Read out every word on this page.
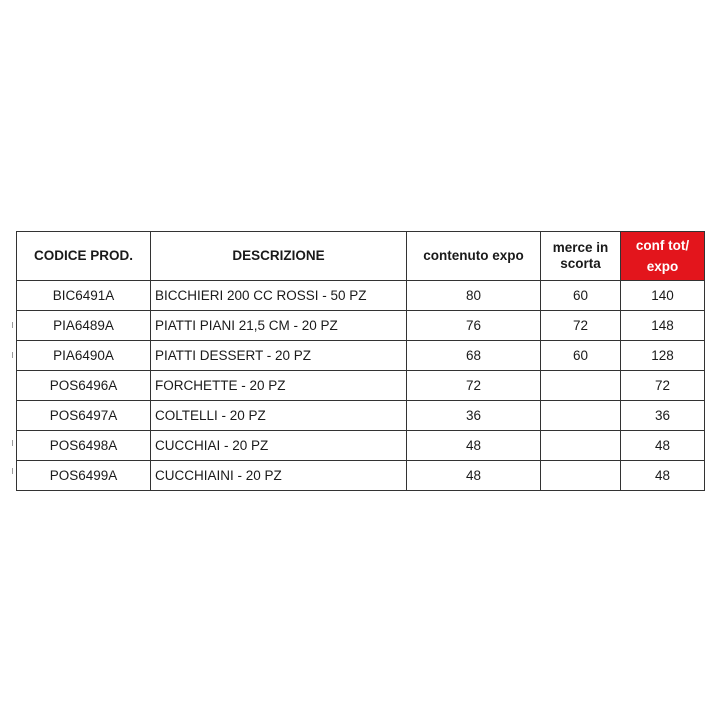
CODICE PROD.	DESCRIZIONE	contenuto expo	merce in scorta	conf tot/ expo
BIC6491A	BICCHIERI 200 CC ROSSI - 50 PZ	80	60	140
PIA6489A	PIATTI PIANI 21,5 CM - 20 PZ	76	72	148
PIA6490A	PIATTI DESSERT - 20 PZ	68	60	128
POS6496A	FORCHETTE - 20 PZ	72		72
POS6497A	COLTELLI - 20 PZ	36		36
POS6498A	CUCCHIAI - 20 PZ	48		48
POS6499A	CUCCHIAINI - 20 PZ	48		48
